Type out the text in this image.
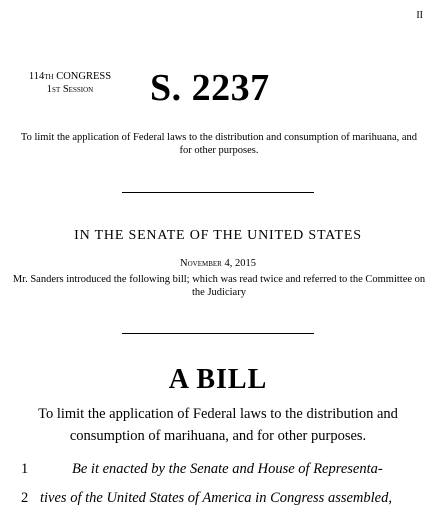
II
114th CONGRESS
1st Session	S. 2237
To limit the application of Federal laws to the distribution and consumption of marihuana, and for other purposes.
IN THE SENATE OF THE UNITED STATES
November 4, 2015
Mr. Sanders introduced the following bill; which was read twice and referred to the Committee on the Judiciary
A BILL
To limit the application of Federal laws to the distribution and consumption of marihuana, and for other purposes.
1	Be it enacted by the Senate and House of Representa-
2 tives of the United States of America in Congress assembled,
